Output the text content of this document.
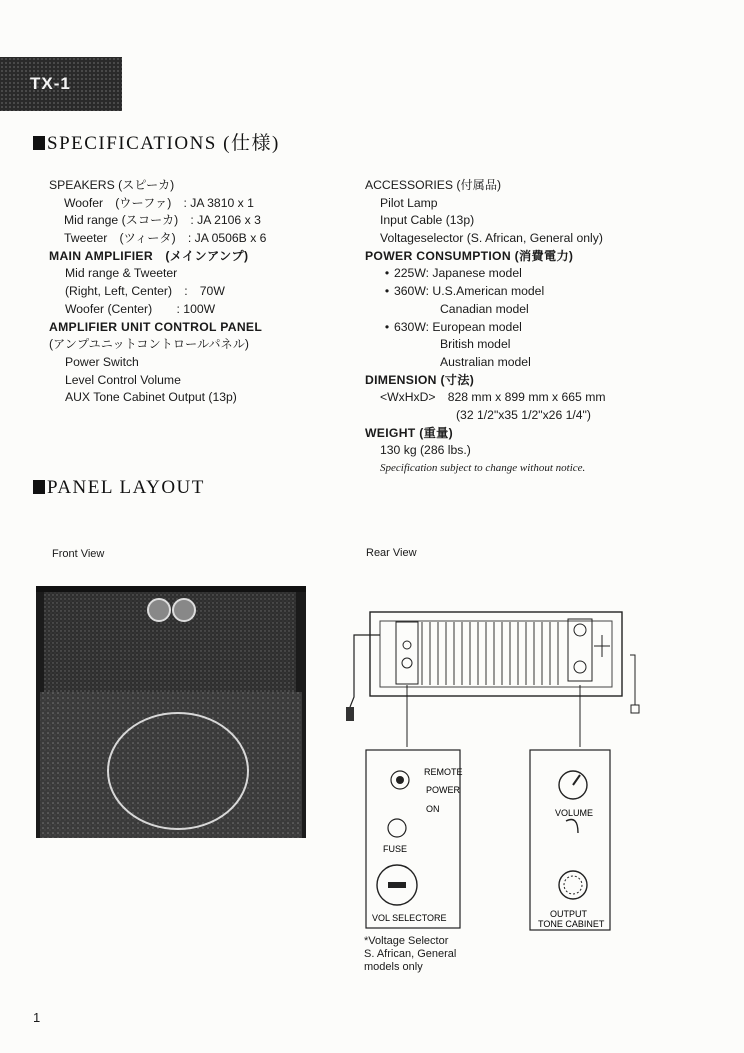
TX-1
SPECIFICATIONS (仕様)
SPEAKERS (スピーカ)
Woofer　(ウーファ)　: JA 3810 x 1
Mid range (スコーカ)　: JA 2106 x 3
Tweeter　(ツィータ)　: JA 0506B x 6
MAIN AMPLIFIER　(メインアンプ)
Mid range & Tweeter
(Right, Left, Center)　:　70W
Woofer (Center)　　: 100W
AMPLIFIER UNIT CONTROL PANEL
(アンプユニットコントロールパネル)
Power Switch
Level Control Volume
AUX Tone Cabinet Output (13p)
ACCESSORIES (付属品)
Pilot Lamp
Input Cable (13p)
Voltageselector (S. African, General only)
POWER CONSUMPTION (消費電力)
• 225W: Japanese model
• 360W: U.S.American model
Canadian model
• 630W: European model
British model
Australian model
DIMENSION (寸法)
<WxHxD>　828 mm x 899 mm x 665 mm
(32 1/2"x35 1/2"x26 1/4")
WEIGHT (重量)
130 kg (286 lbs.)
Specification subject to change without notice.
PANEL LAYOUT
Front View	Rear View
REMOTE
POWER
ON
FUSE
VOL SELECTORE
VOLUME
OUTPUT
TONE CABINET
*Voltage Selector
S. African, General
models only
1
